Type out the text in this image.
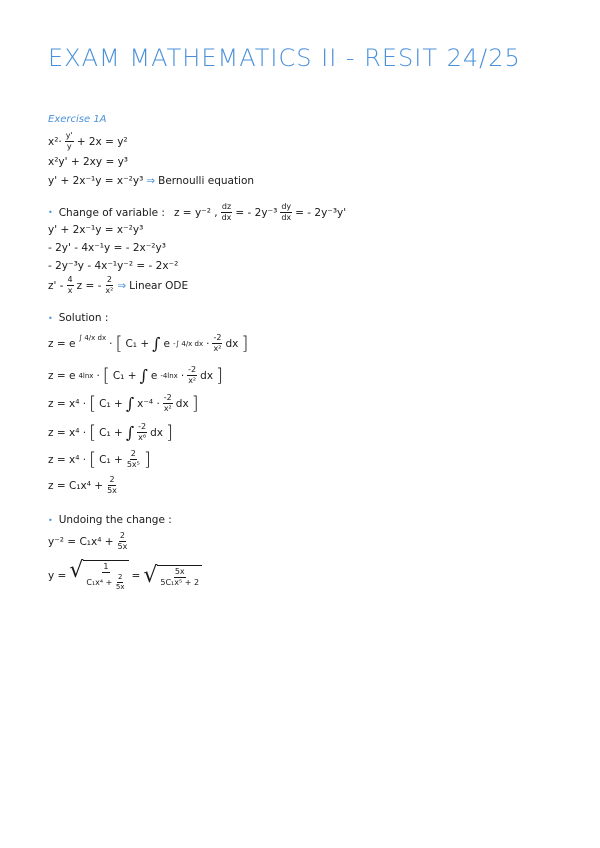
EXAM MATHEMATICS II - RESIT 24/25
Exercise 1A
$x^2\cdot \frac{y'}{y} + 2x = y^2$
x²y' + 2xy = y³
y' + 2x⁻¹y = x⁻²y³ ⇒ Bernoulli equation
• Change of variable : z = y⁻² , $\frac{dz}{dx}$ = - $2y^{-3} \frac{dy}{dx}$ = - 2y⁻³y'
y' + 2x⁻¹y = x⁻²y³
- 2y' - 4x⁻¹y = - 2x⁻²y³
- 2y⁻³y - 4x⁻¹y⁻² = - 2x⁻²
z' - $\frac{4}{x}$ z = - $\frac{2}{\text{x²}}$ ⇒ Linear ODE
• Solution :
z = e ∫ 4/x dx · [ C₁ + ∫ e -∫ 4/x dx · $\frac{-2}{\text{x²}}$ dx ]
z = e 4lnx · [ C₁ + ∫ e $-4\ln x \cdot \frac{-2}{\text{x²}}$ dx ]
z = x⁴ · [ C₁ + ∫ $x^{-4} \cdot \frac{-2}{\text{x²}}$ dx ]
z = x⁴ · [ C₁ + ∫ $\frac{-2}{\text{x⁶}}$ dx ]
z = x⁴ · [ $C_1 + \frac{2}{\text{5x⁵}}$ ]
$z = C_1x^4 + \frac{2}{5x}$
• Undoing the change :
$y^{-2} = C_1x^4 + \frac{2}{5x}$
y = √ $\frac{1}{C_1x^4 + \frac{2}{5x}}$ = √ $\frac{5x}{\text{5C₁x⁵ + 2}}$
